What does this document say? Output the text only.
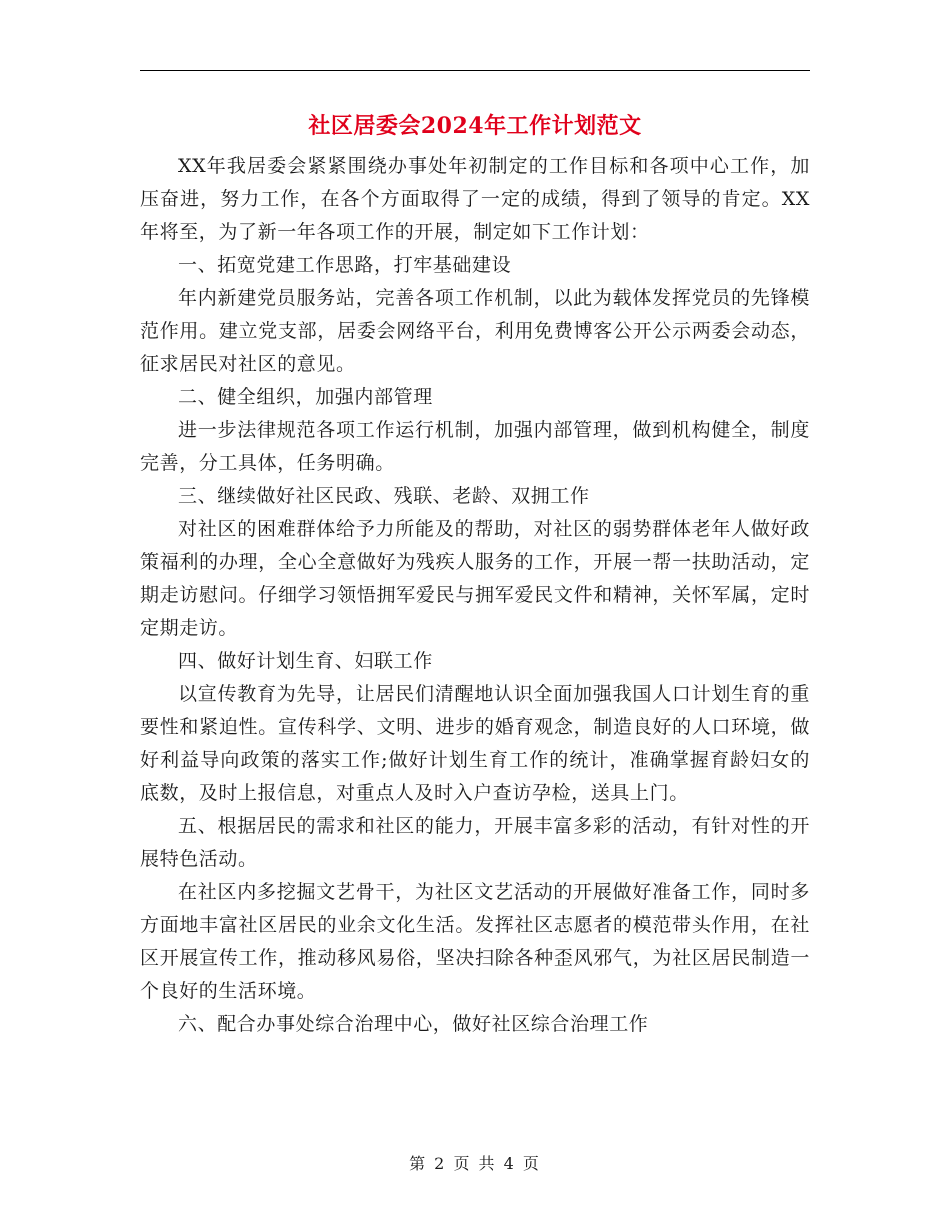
社区居委会2024年工作计划范文

XX年我居委会紧紧围绕办事处年初制定的工作目标和各项中心工作，加压奋进，努力工作，在各个方面取得了一定的成绩，得到了领导的肯定。XX年将至，为了新一年各项工作的开展，制定如下工作计划：

一、拓宽党建工作思路，打牢基础建设

年内新建党员服务站，完善各项工作机制，以此为载体发挥党员的先锋模范作用。建立党支部，居委会网络平台，利用免费博客公开公示两委会动态，征求居民对社区的意见。

二、健全组织，加强内部管理

进一步法律规范各项工作运行机制，加强内部管理，做到机构健全，制度完善，分工具体，任务明确。

三、继续做好社区民政、残联、老龄、双拥工作

对社区的困难群体给予力所能及的帮助，对社区的弱势群体老年人做好政策福利的办理，全心全意做好为残疾人服务的工作，开展一帮一扶助活动，定期走访慰问。仔细学习领悟拥军爱民与拥军爱民文件和精神，关怀军属，定时定期走访。

四、做好计划生育、妇联工作

以宣传教育为先导，让居民们清醒地认识全面加强我国人口计划生育的重要性和紧迫性。宣传科学、文明、进步的婚育观念，制造良好的人口环境，做好利益导向政策的落实工作;做好计划生育工作的统计，准确掌握育龄妇女的底数，及时上报信息，对重点人及时入户查访孕检，送具上门。

五、根据居民的需求和社区的能力，开展丰富多彩的活动，有针对性的开展特色活动。

在社区内多挖掘文艺骨干，为社区文艺活动的开展做好准备工作，同时多方面地丰富社区居民的业余文化生活。发挥社区志愿者的模范带头作用，在社区开展宣传工作，推动移风易俗，坚决扫除各种歪风邪气，为社区居民制造一个良好的生活环境。

六、配合办事处综合治理中心，做好社区综合治理工作

第 2 页 共 4 页
